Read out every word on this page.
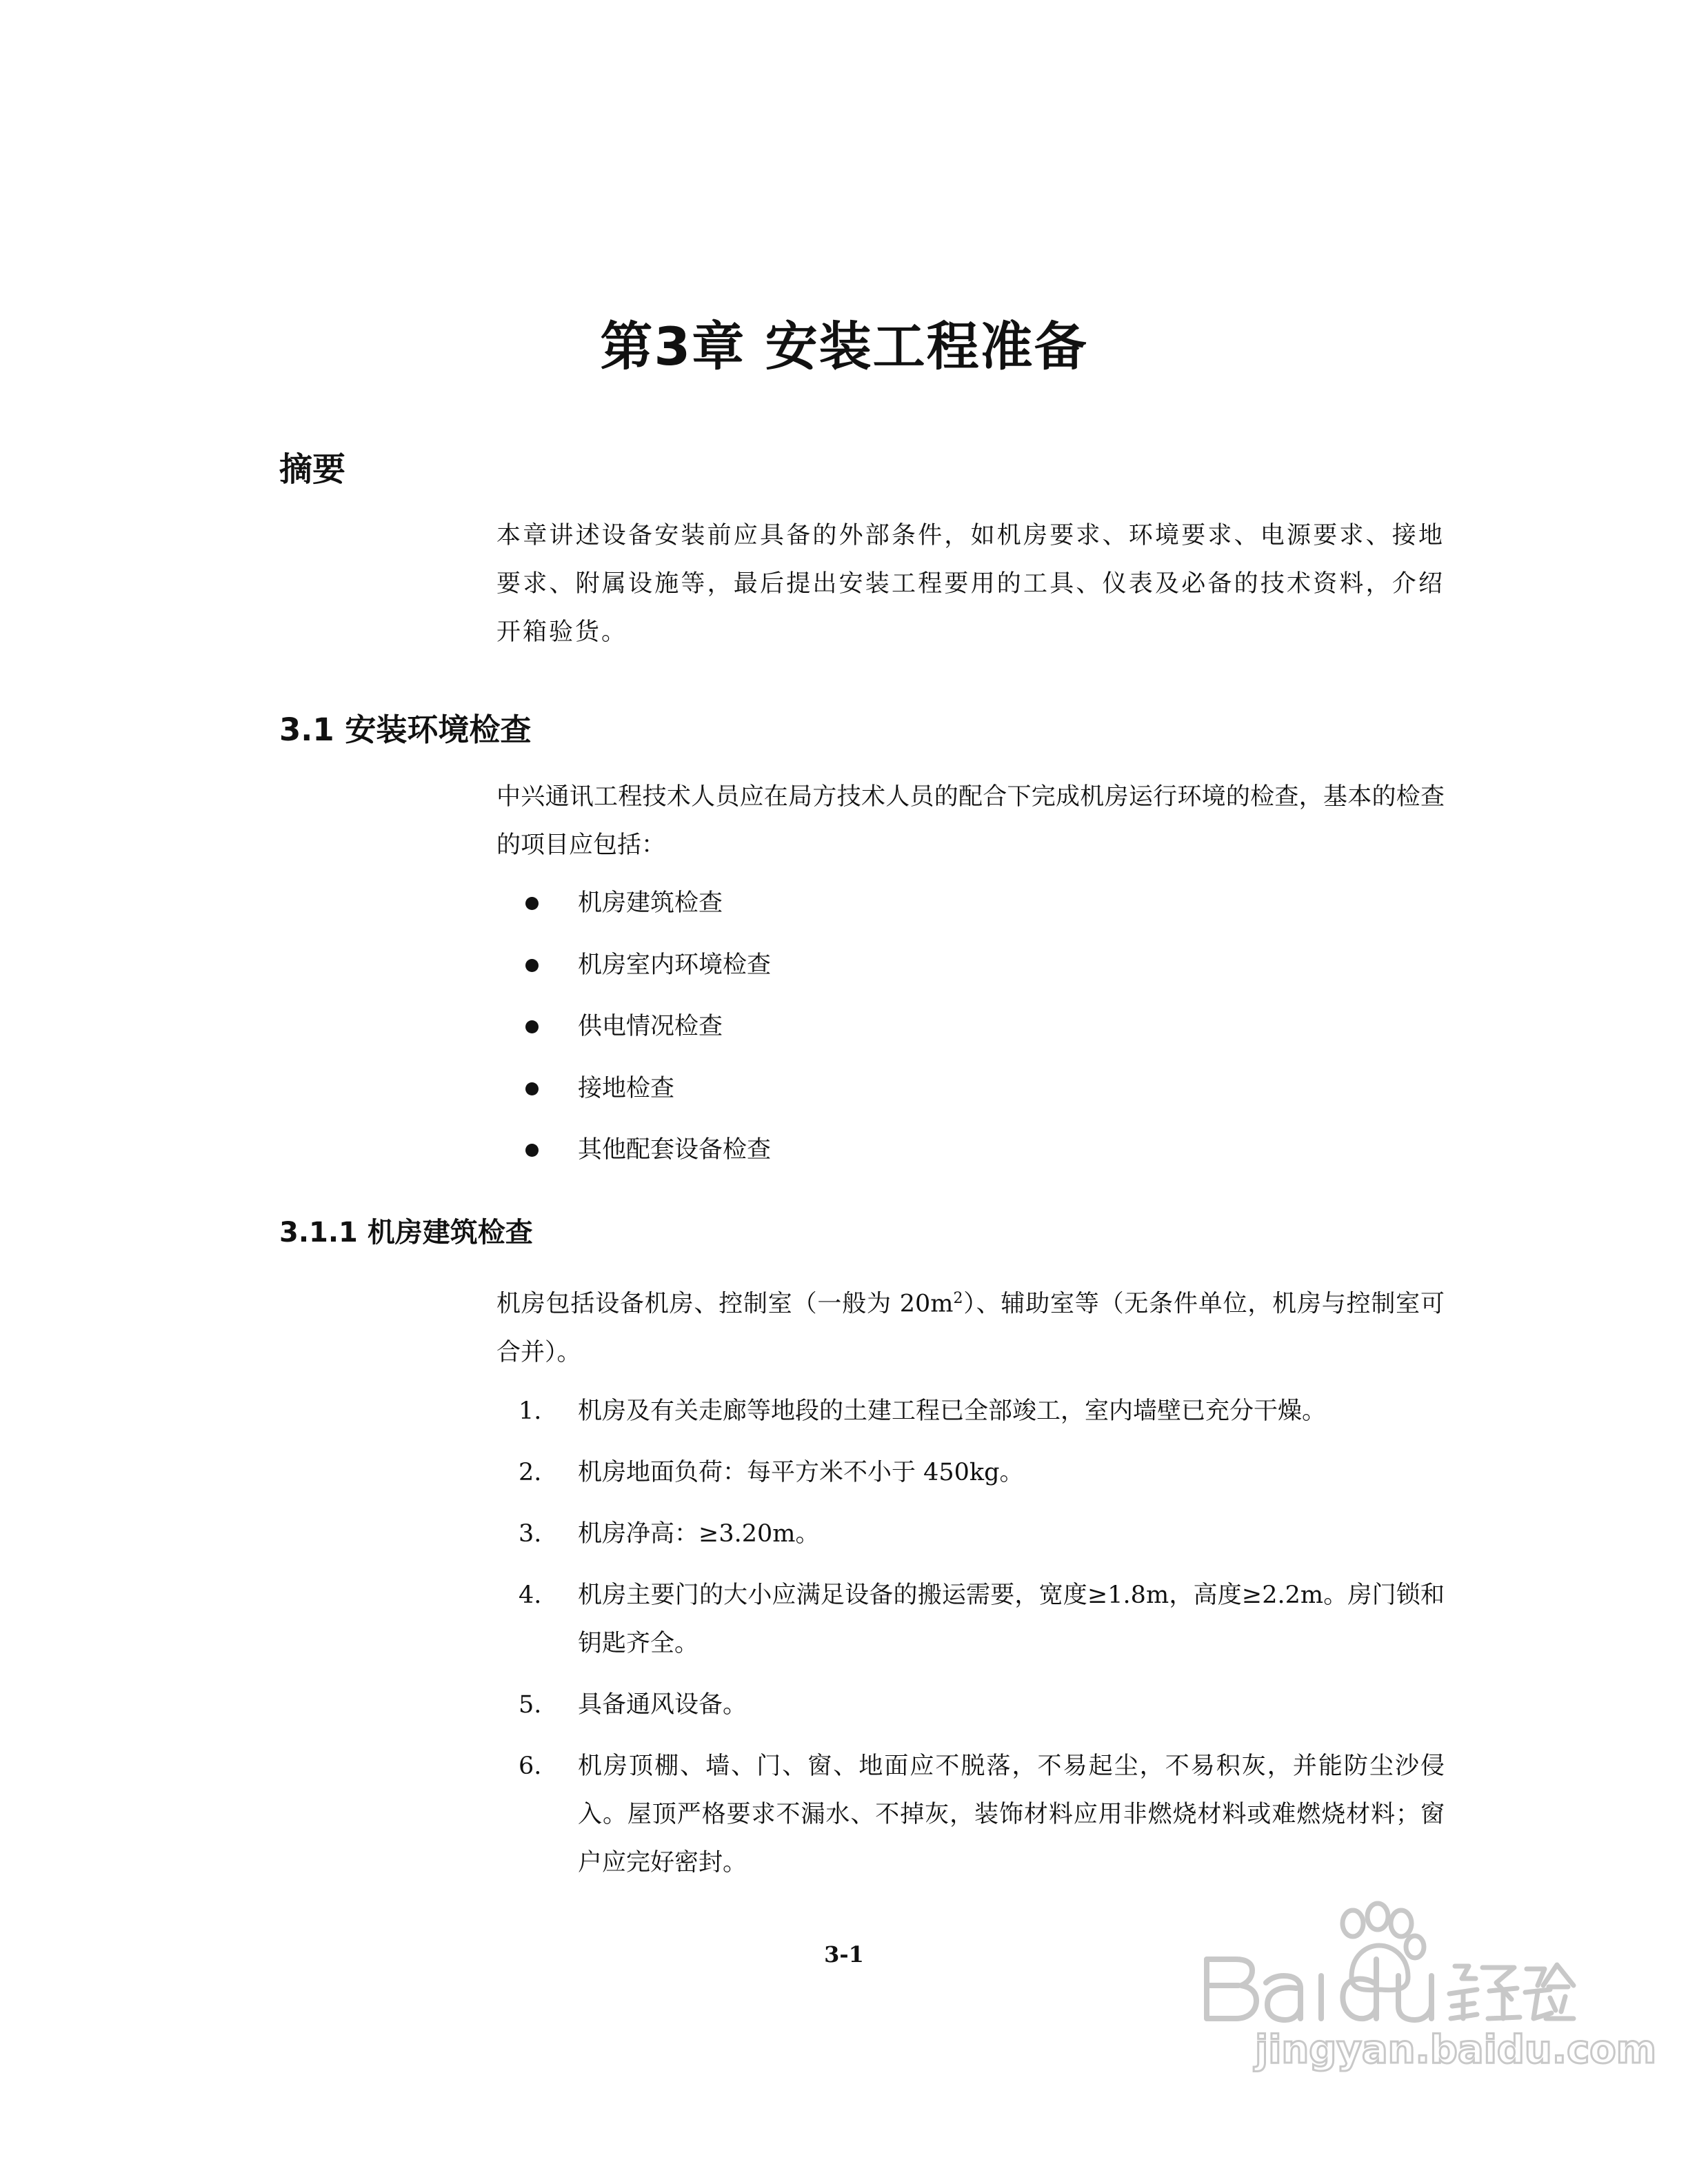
第3章 安装工程准备
摘要

本章讲述设备安装前应具备的外部条件，如机房要求、环境要求、电源要求、接地要求、附属设施等，最后提出安装工程要用的工具、仪表及必备的技术资料，介绍开箱验货。

3.1 安装环境检查

中兴通讯工程技术人员应在局方技术人员的配合下完成机房运行环境的检查，基本的检查的项目应包括：

机房建筑检查
机房室内环境检查
供电情况检查
接地检查
其他配套设备检查
3.1.1 机房建筑检查

机房包括设备机房、控制室（一般为 $20m^2$）、辅助室等（无条件单位，机房与控制室可合并）。

1. 机房及有关走廊等地段的土建工程已全部竣工，室内墙壁已充分干燥。
2. 机房地面负荷：每平方米不小于 450kg。
3. 机房净高：≥3.20m。
4. 机房主要门的大小应满足设备的搬运需要，宽度≥1.8m，高度≥2.2m。房门锁和钥匙齐全。
5. 具备通风设备。
6. 机房顶棚、墙、门、窗、地面应不脱落，不易起尘，不易积灰，并能防尘沙侵入。屋顶严格要求不漏水、不掉灰，装饰材料应用非燃烧材料或难燃烧材料；窗户应完好密封。

3-1

jingyan.baidu.com
